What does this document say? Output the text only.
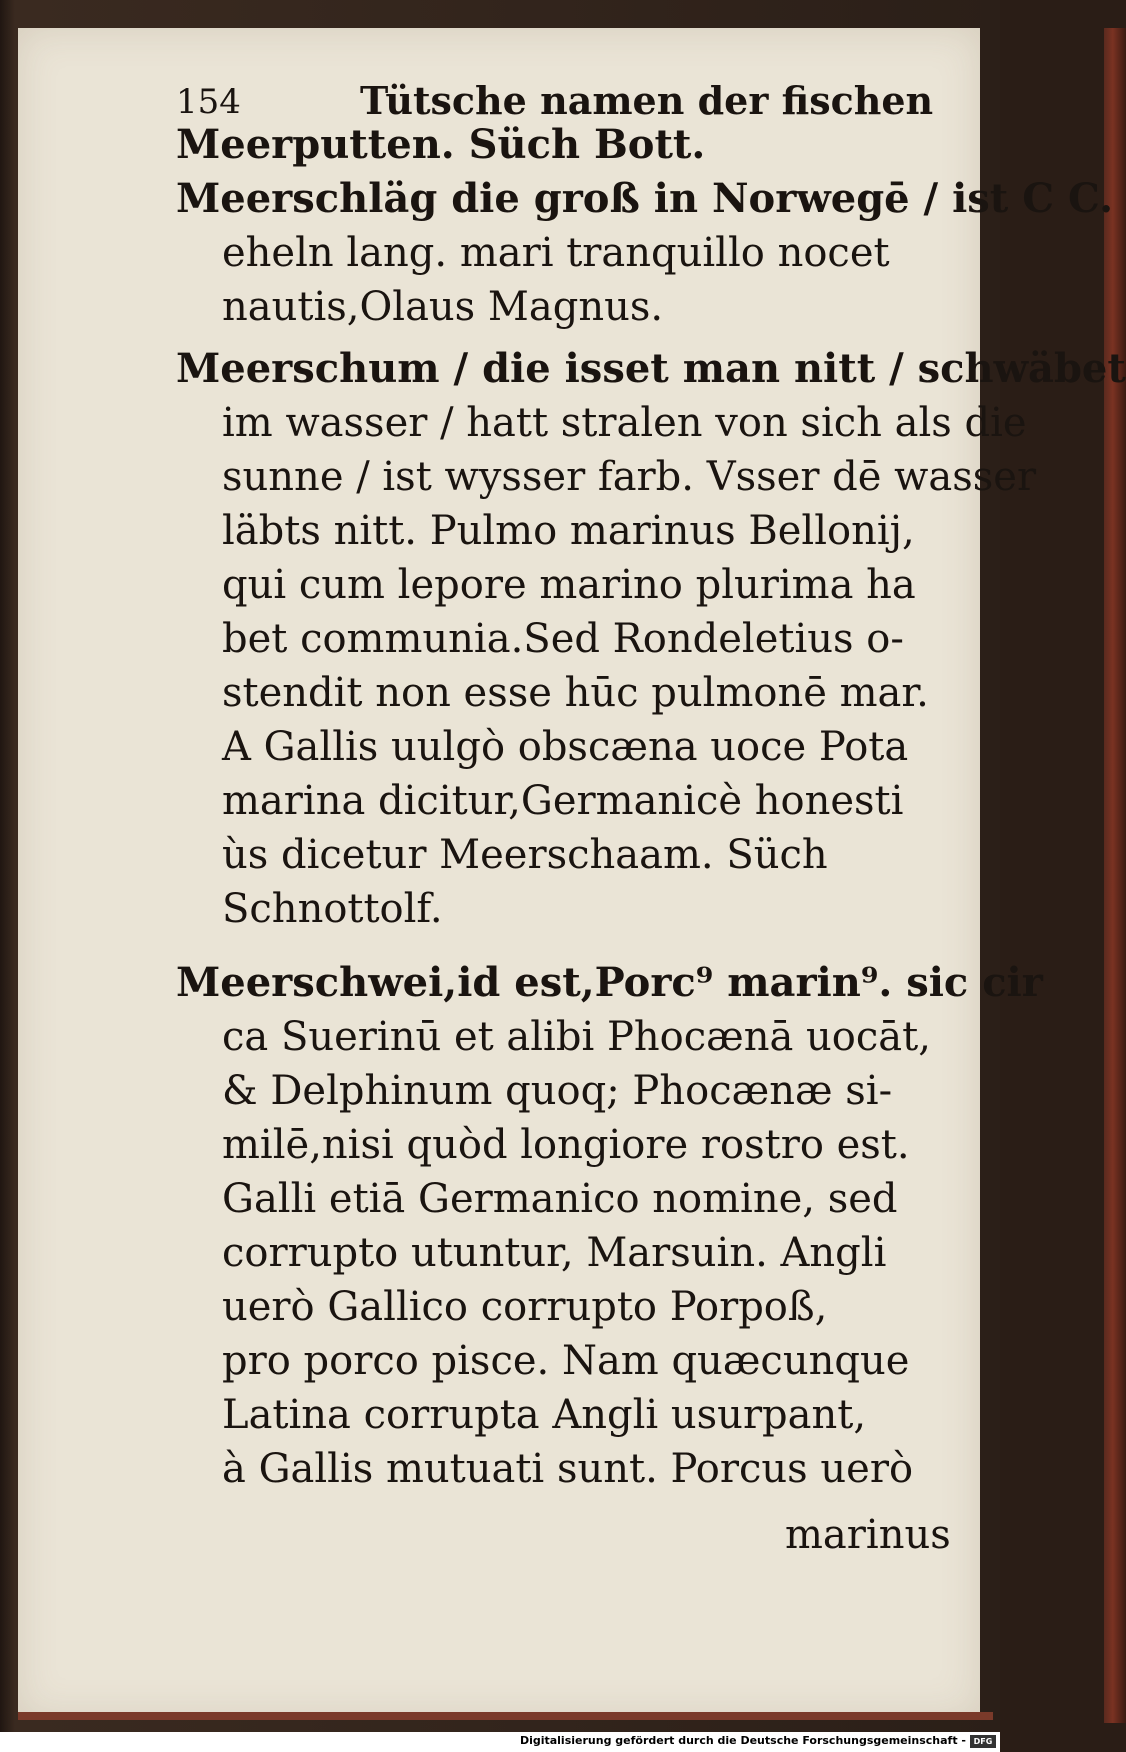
154	Tütsche namen der fischen
Meerputten. Süch Bott.
Meerschläg die groß in Norwegē / ist C C.
eheln lang. mari tranquillo nocet
nautis,Olaus Magnus.
Meerschum / die isset man nitt / schwäbet
im wasser / hatt stralen von sich als die
sunne / ist wysser farb. Vsser dē wasser
läbts nitt. Pulmo marinus Bellonij,
qui cum lepore marino plurima ha
bet communia.Sed Rondeletius o-
stendit non esse hūc pulmonē mar.
A Gallis uulgò obscæna uoce Pota
marina dicitur,Germanicè honesti
ùs dicetur Meerschaam. Süch
Schnottolf.
Meerschwei,id est,Porc⁹ marin⁹. sic cir
ca Suerinū et alibi Phocænā uocāt,
& Delphinum quoq; Phocænæ si-
milē,nisi quòd longiore rostro est.
Galli etiā Germanico nomine, sed
corrupto utuntur, Marsuin. Angli
uerò Gallico corrupto Porpoß,
pro porco pisce. Nam quæcunque
Latina corrupta Angli usurpant,
à Gallis mutuati sunt. Porcus uerò
marinus
Digitalisierung gefördert durch die Deutsche Forschungsgemeinschaft - DFG
